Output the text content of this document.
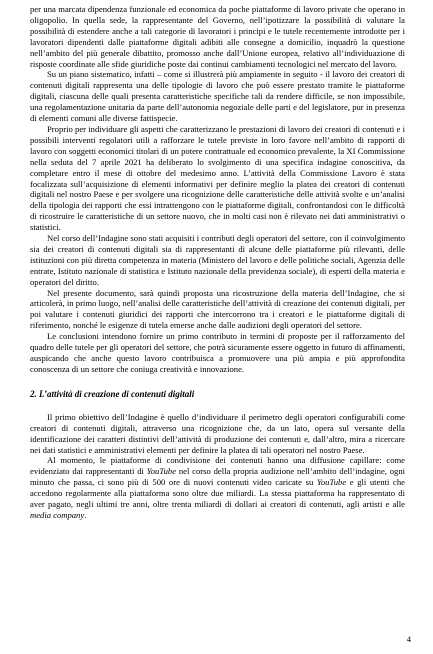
per una marcata dipendenza funzionale ed economica da poche piattaforme di lavoro private che operano in oligopolio. In quella sede, la rappresentante del Governo, nell’ipotizzare la possibilità di valutare la possibilità di estendere anche a tali categorie di lavoratori i principi e le tutele recentemente introdotte per i lavoratori dipendenti dalle piattaforme digitali adibiti alle consegne a domicilio, inquadrò la questione nell’ambito del più generale dibattito, promosso anche dall’Unione europea, relativo all’individuazione di risposte coordinate alle sfide giuridiche poste dai continui cambiamenti tecnologici nel mercato del lavoro.

Su un piano sistematico, infatti – come si illustrerà più ampiamente in seguito - il lavoro dei creatori di contenuti digitali rappresenta una delle tipologie di lavoro che può essere prestato tramite le piattaforme digitali, ciascuna delle quali presenta caratteristiche specifiche tali da rendere difficile, se non impossibile, una regolamentazione unitaria da parte dell’autonomia negoziale delle parti e del legislatore, pur in presenza di elementi comuni alle diverse fattispecie.

Proprio per individuare gli aspetti che caratterizzano le prestazioni di lavoro dei creatori di contenuti e i possibili interventi regolatori utili a rafforzare le tutele previste in loro favore nell’ambito di rapporti di lavoro con soggetti economici titolari di un potere contrattuale ed economico prevalente, la XI Commissione nella seduta del 7 aprile 2021 ha deliberato lo svolgimento di una specifica indagine conoscitiva, da completare entro il mese di ottobre del medesimo anno. L’attività della Commissione Lavoro è stata focalizzata sull’acquisizione di elementi informativi per definire meglio la platea dei creatori di contenuti digitali nel nostro Paese e per svolgere una ricognizione delle caratteristiche delle attività svolte e un’analisi della tipologia dei rapporti che essi intrattengono con le piattaforme digitali, confrontandosi con le difficoltà di ricostruire le caratteristiche di un settore nuovo, che in molti casi non è rilevato nei dati amministrativi o statistici.

Nel corso dell’Indagine sono stati acquisiti i contributi degli operatori del settore, con il coinvolgimento sia dei creatori di contenuti digitali sia di rappresentanti di alcune delle piattaforme più rilevanti, delle istituzioni con più diretta competenza in materia (Ministero del lavoro e delle politiche sociali, Agenzia delle entrate, Istituto nazionale di statistica e Istituto nazionale della previdenza sociale), di esperti della materia e operatori del diritto.

Nel presente documento, sarà quindi proposta una ricostruzione della materia dell’Indagine, che si articolerà, in primo luogo, nell’analisi delle caratteristiche dell’attività di creazione dei contenuti digitali, per poi valutare i contenuti giuridici dei rapporti che intercorrono tra i creatori e le piattaforme digitali di riferimento, nonché le esigenze di tutela emerse anche dalle audizioni degli operatori del settore.

Le conclusioni intendono fornire un primo contributo in termini di proposte per il rafforzamento del quadro delle tutele per gli operatori del settore, che potrà sicuramente essere oggetto in futuro di affinamenti, auspicando che anche questo lavoro contribuisca a promuovere una più ampia e più approfondita conoscenza di un settore che coniuga creatività e innovazione.

2. L’attività di creazione di contenuti digitali

Il primo obiettivo dell’Indagine è quello d’individuare il perimetro degli operatori configurabili come creatori di contenuti digitali, attraverso una ricognizione che, da un lato, opera sul versante della identificazione dei caratteri distintivi dell’attività di produzione dei contenuti e, dall’altro, mira a ricercare nei dati statistici e amministrativi elementi per definire la platea di tali operatori nel nostro Paese.

Al momento, le piattaforme di condivisione dei contenuti hanno una diffusione capillare: come evidenziato dai rappresentanti di YouTube nel corso della propria audizione nell’ambito dell’indagine, ogni minuto che passa, ci sono più di 500 ore di nuovi contenuti video caricate su YouTube e gli utenti che accedono regolarmente alla piattaforma sono oltre due miliardi. La stessa piattaforma ha rappresentato di aver pagato, negli ultimi tre anni, oltre trenta miliardi di dollari ai creatori di contenuti, agli artisti e alle media company.

4
